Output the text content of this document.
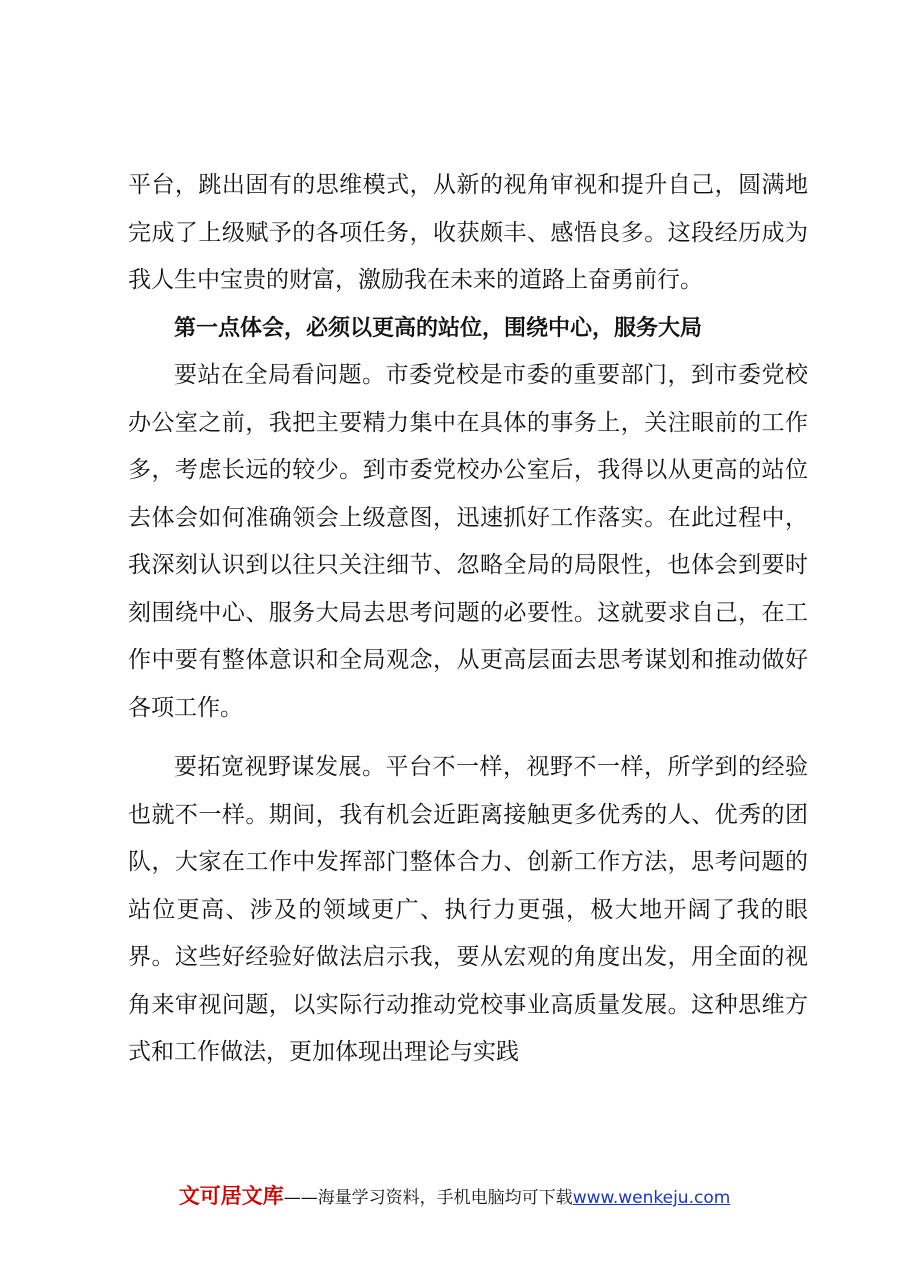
平台，跳出固有的思维模式，从新的视角审视和提升自己，圆满地完成了上级赋予的各项任务，收获颇丰、感悟良多。这段经历成为我人生中宝贵的财富，激励我在未来的道路上奋勇前行。

第一点体会，必须以更高的站位，围绕中心，服务大局

要站在全局看问题。市委党校是市委的重要部门，到市委党校办公室之前，我把主要精力集中在具体的事务上，关注眼前的工作多，考虑长远的较少。到市委党校办公室后，我得以从更高的站位去体会如何准确领会上级意图，迅速抓好工作落实。在此过程中，我深刻认识到以往只关注细节、忽略全局的局限性，也体会到要时刻围绕中心、服务大局去思考问题的必要性。这就要求自己，在工作中要有整体意识和全局观念，从更高层面去思考谋划和推动做好各项工作。

要拓宽视野谋发展。平台不一样，视野不一样，所学到的经验也就不一样。期间，我有机会近距离接触更多优秀的人、优秀的团队，大家在工作中发挥部门整体合力、创新工作方法，思考问题的站位更高、涉及的领域更广、执行力更强，极大地开阔了我的眼界。这些好经验好做法启示我，要从宏观的角度出发，用全面的视角来审视问题，以实际行动推动党校事业高质量发展。这种思维方式和工作做法，更加体现出理论与实践

文可居文库——海量学习资料，手机电脑均可下载www.wenkeju.com
